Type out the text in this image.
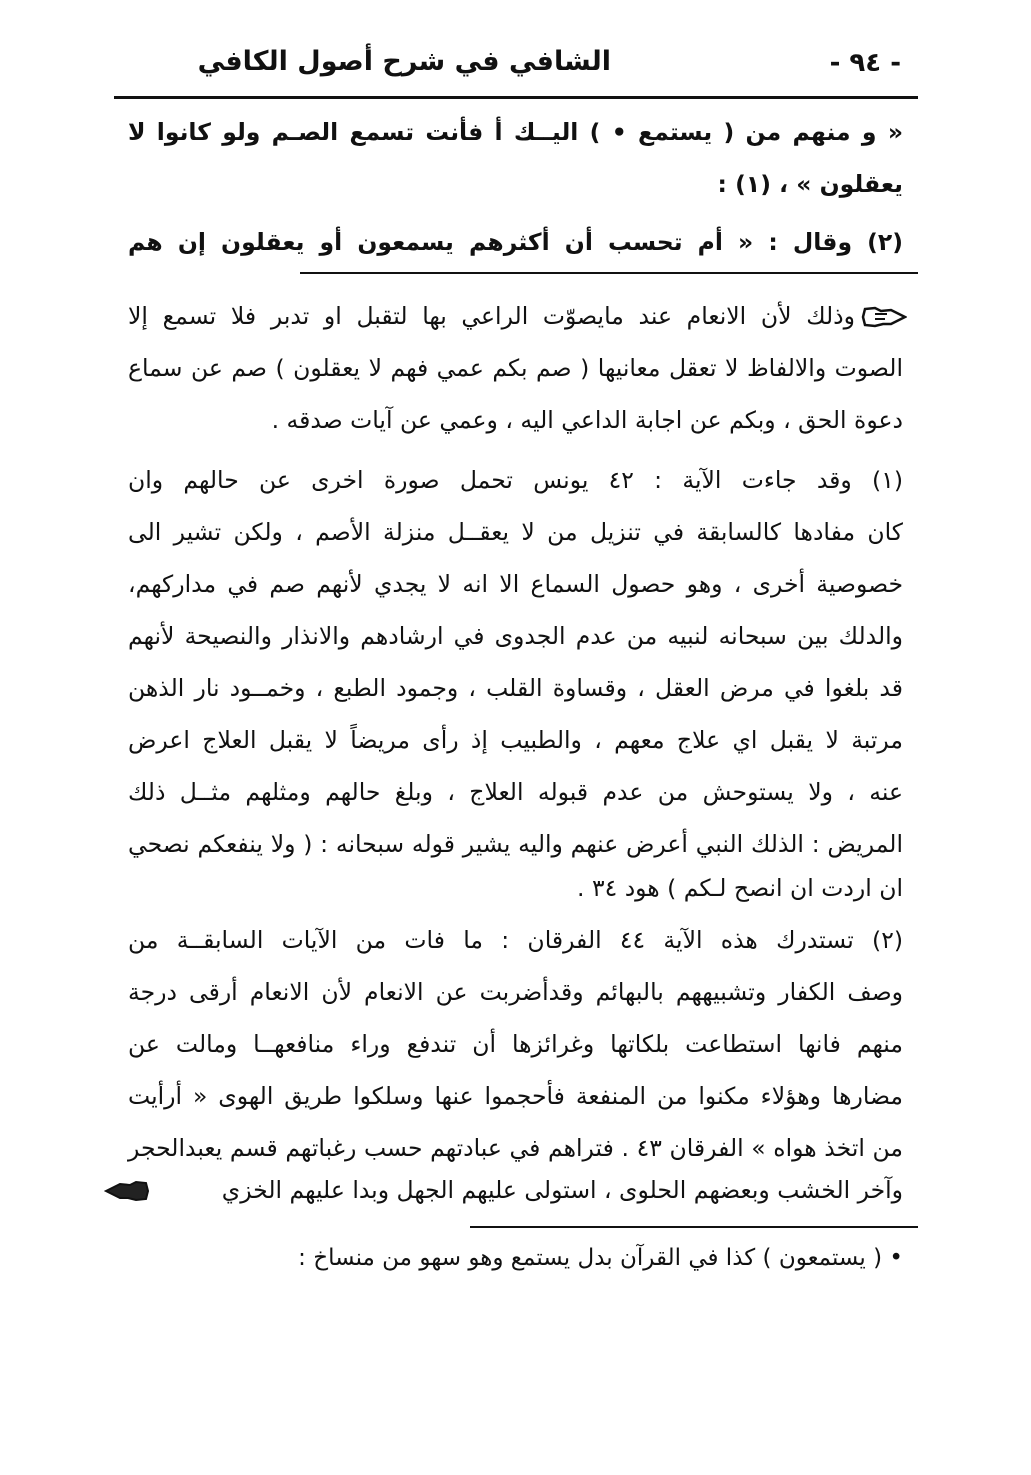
- ٩٤ -
الشافي في شرح أصول الكافي
« و منهم من ( يستمع • ) اليــك أ فأنت تسمع الصـم ولو كانوا لا
يعقلون » ، (١) :
(٢) وقال : « أم تحسب أن أكثرهم يسمعون أو يعقلون إن هم
وذلك لأن الانعام عند مايصوّت الراعي بها لتقبل او تدبر فلا تسمع إلا
الصوت والالفاظ لا تعقل معانيها ( صم بكم عمي فهم لا يعقلون ) صم عن سماع
دعوة الحق ، وبكم عن اجابة الداعي اليه ، وعمي عن آيات صدقه .
(١) وقد جاءت الآية : ٤٢ يونس تحمل صورة اخرى عن حالهم وان
كان مفادها كالسابقة في تنزيل من لا يعقــل منزلة الأصم ، ولكن تشير الى
خصوصية أخرى ، وهو حصول السماع الا انه لا يجدي لأنهم صم في مداركهم،
والدلك بين سبحانه لنبيه من عدم الجدوى في ارشادهم والانذار والنصيحة لأنهم
قد بلغوا في مرض العقل ، وقساوة القلب ، وجمود الطبع ، وخمــود نار الذهن
مرتبة لا يقبل اي علاج معهم ، والطبيب إذ رأى مريضاً لا يقبل العلاج اعرض
عنه ، ولا يستوحش من عدم قبوله العلاج ، وبلغ حالهم ومثلهم مثــل ذلك
المريض : الذلك النبي أعرض عنهم واليه يشير قوله سبحانه : ( ولا ينفعكم نصحي
ان اردت ان انصح لـكم ) هود ٣٤ .
(٢) تستدرك هذه الآية ٤٤ الفرقان : ما فات من الآيات السابقــة من
وصف الكفار وتشبيههم بالبهائم وقدأضربت عن الانعام لأن الانعام أرقى درجة
منهم فانها استطاعت بلكاتها وغرائزها أن تندفع وراء منافعهــا ومالت عن
مضارها وهؤلاء مكنوا من المنفعة فأحجموا عنها وسلكوا طريق الهوى « أرأيت
من اتخذ هواه » الفرقان ٤٣ . فتراهم في عبادتهم حسب رغباتهم قسم يعبدالحجر
وآخر الخشب وبعضهم الحلوى ، استولى عليهم الجهل وبدا عليهم الخزي
• ( يستمعون ) كذا في القرآن بدل يستمع وهو سهو من منساخ :
